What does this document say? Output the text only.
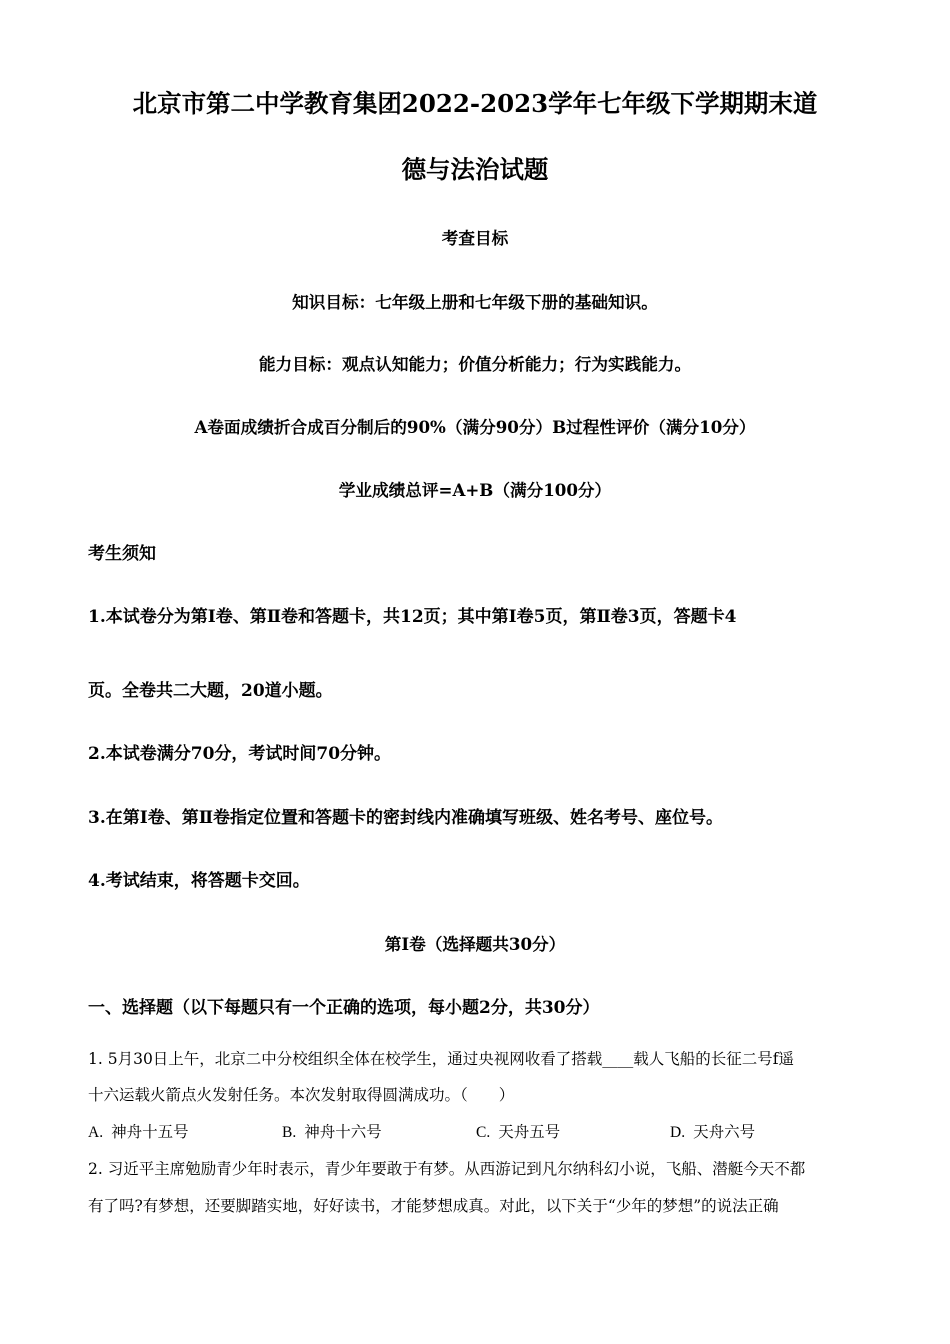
北京市第二中学教育集团2022-2023学年七年级下学期期末道
德与法治试题
考查目标
知识目标：七年级上册和七年级下册的基础知识。
能力目标：观点认知能力；价值分析能力；行为实践能力。
A卷面成绩折合成百分制后的90%（满分90分）B过程性评价（满分10分）
学业成绩总评=A+B（满分100分）
考生须知
1.本试卷分为第Ⅰ卷、第Ⅱ卷和答题卡，共12页；其中第Ⅰ卷5页，第Ⅱ卷3页，答题卡4
页。全卷共二大题，20道小题。
2.本试卷满分70分，考试时间70分钟。
3.在第Ⅰ卷、第Ⅱ卷指定位置和答题卡的密封线内准确填写班级、姓名考号、座位号。
4.考试结束，将答题卡交回。
第Ⅰ卷（选择题共30分）
一、选择题（以下每题只有一个正确的选项，每小题2分，共30分）
1. 5月30日上午，北京二中分校组织全体在校学生，通过央视网收看了搭载____载人飞船的长征二号f遥
十六运载火箭点火发射任务。本次发射取得圆满成功。（　　）
A. 神舟十五号	B. 神舟十六号	C. 天舟五号	D. 天舟六号
2. 习近平主席勉励青少年时表示，青少年要敢于有梦。从西游记到凡尔纳科幻小说，飞船、潜艇今天不都
有了吗?有梦想，还要脚踏实地，好好读书，才能梦想成真。对此，以下关于“少年的梦想”的说法正确
